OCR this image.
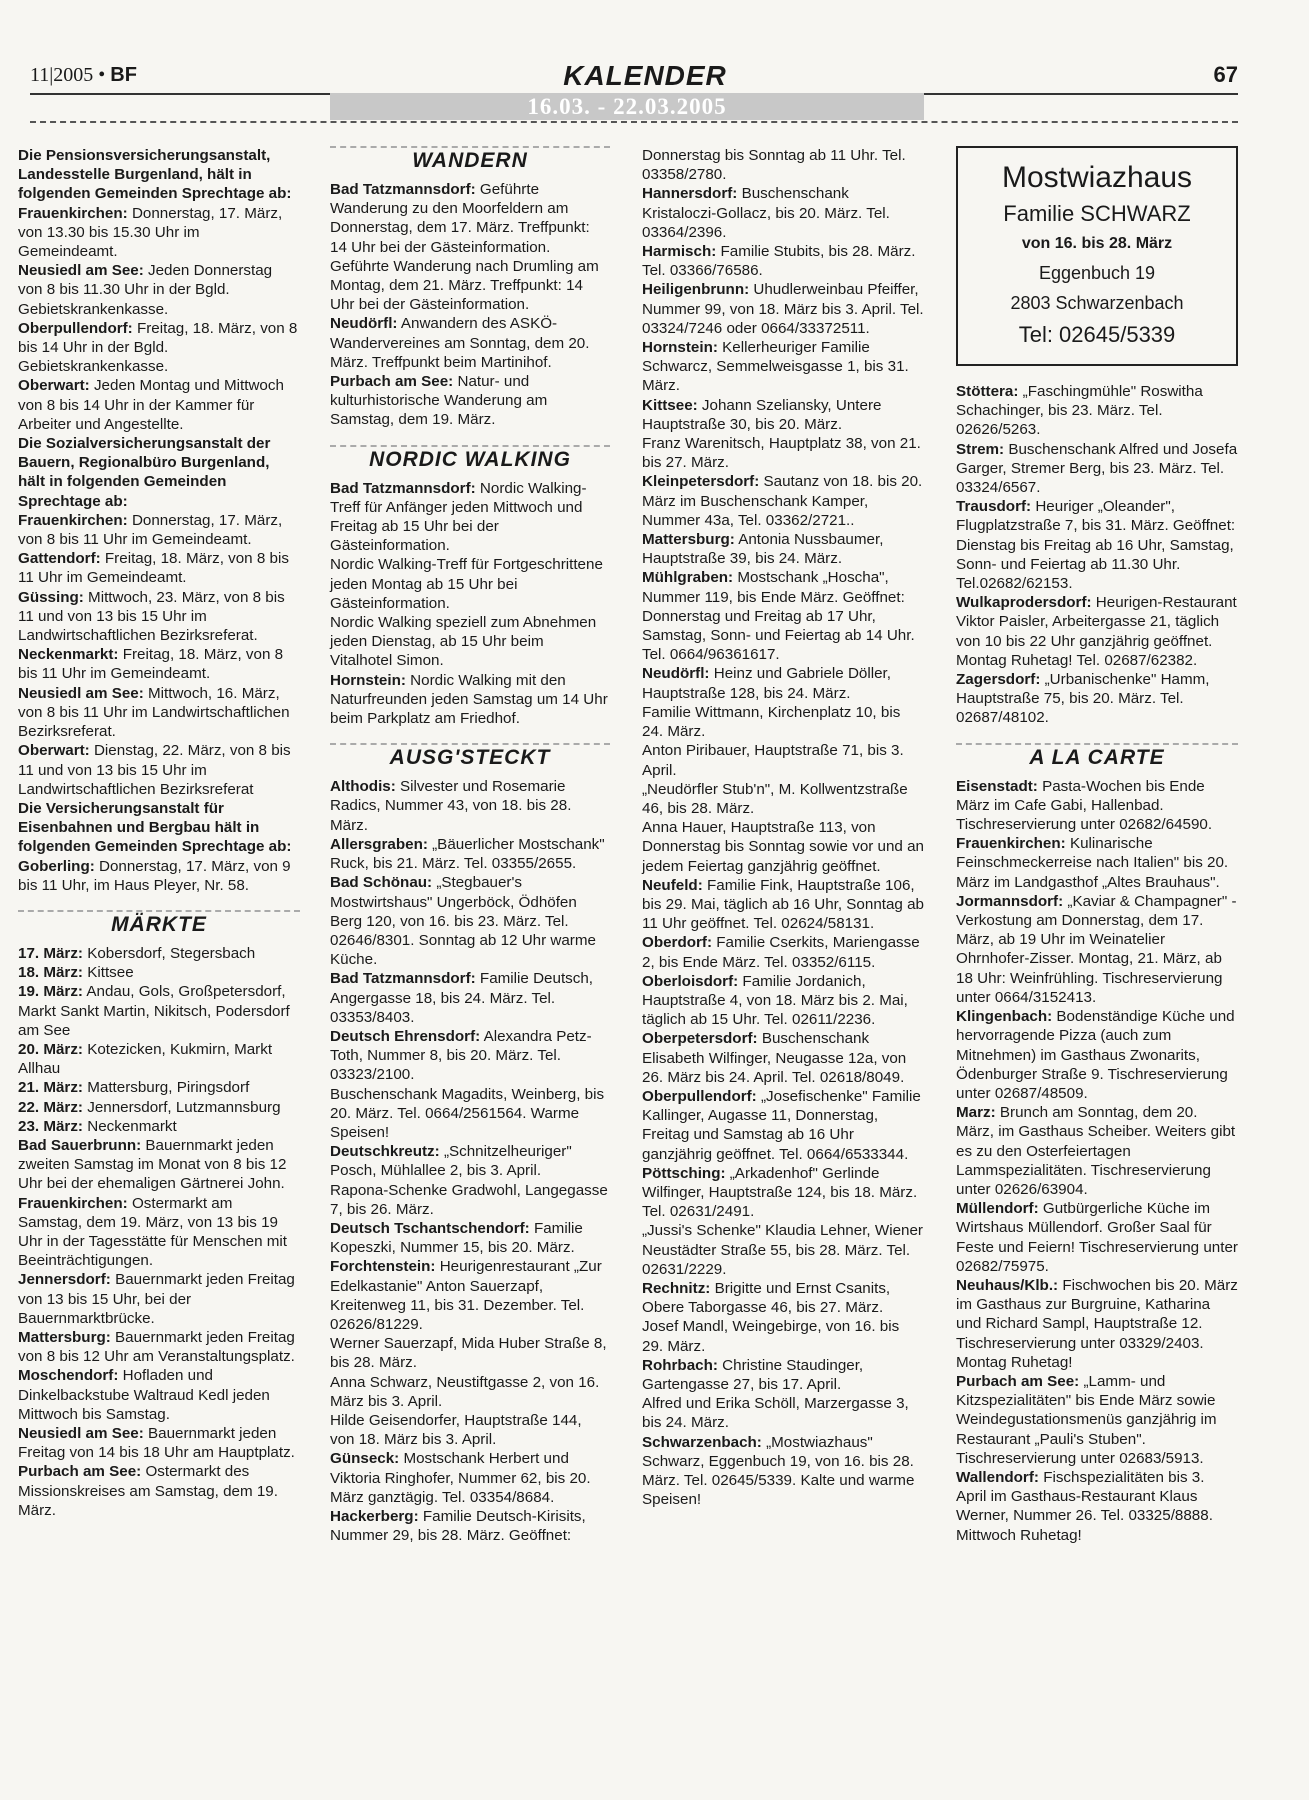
11|2005 • BF	KALENDER	67
16.03. - 22.03.2005

Die Pensionsversicherungsanstalt, Landesstelle Burgenland, hält in folgenden Gemeinden Sprechtage ab:

Frauenkirchen: Donnerstag, 17. März, von 13.30 bis 15.30 Uhr im Gemeindeamt.

Neusiedl am See: Jeden Donnerstag von 8 bis 11.30 Uhr in der Bgld. Gebietskrankenkasse.

Oberpullendorf: Freitag, 18. März, von 8 bis 14 Uhr in der Bgld. Gebietskrankenkasse.

Oberwart: Jeden Montag und Mittwoch von 8 bis 14 Uhr in der Kammer für Arbeiter und Angestellte.

Die Sozialversicherungsanstalt der Bauern, Regionalbüro Burgenland, hält in folgenden Gemeinden Sprechtage ab:

Frauenkirchen: Donnerstag, 17. März, von 8 bis 11 Uhr im Gemeindeamt.

Gattendorf: Freitag, 18. März, von 8 bis 11 Uhr im Gemeindeamt.

Güssing: Mittwoch, 23. März, von 8 bis 11 und von 13 bis 15 Uhr im Landwirtschaftlichen Bezirksreferat.

Neckenmarkt: Freitag, 18. März, von 8 bis 11 Uhr im Gemeindeamt.

Neusiedl am See: Mittwoch, 16. März, von 8 bis 11 Uhr im Landwirtschaftlichen Bezirksreferat.

Oberwart: Dienstag, 22. März, von 8 bis 11 und von 13 bis 15 Uhr im Landwirtschaftlichen Bezirksreferat

Die Versicherungsanstalt für Eisenbahnen und Bergbau hält in folgenden Gemeinden Sprechtage ab:

Goberling: Donnerstag, 17. März, von 9 bis 11 Uhr, im Haus Pleyer, Nr. 58.

MÄRKTE

17. März: Kobersdorf, Stegersbach

18. März: Kittsee

19. März: Andau, Gols, Großpetersdorf, Markt Sankt Martin, Nikitsch, Podersdorf am See

20. März: Kotezicken, Kukmirn, Markt Allhau

21. März: Mattersburg, Piringsdorf

22. März: Jennersdorf, Lutzmannsburg

23. März: Neckenmarkt

Bad Sauerbrunn: Bauernmarkt jeden zweiten Samstag im Monat von 8 bis 12 Uhr bei der ehemaligen Gärtnerei John.

Frauenkirchen: Ostermarkt am Samstag, dem 19. März, von 13 bis 19 Uhr in der Tagesstätte für Menschen mit Beeinträchtigungen.

Jennersdorf: Bauernmarkt jeden Freitag von 13 bis 15 Uhr, bei der Bauernmarktbrücke.

Mattersburg: Bauernmarkt jeden Freitag von 8 bis 12 Uhr am Veranstaltungsplatz.

Moschendorf: Hofladen und Dinkelbackstube Waltraud Kedl jeden Mittwoch bis Samstag.

Neusiedl am See: Bauernmarkt jeden Freitag von 14 bis 18 Uhr am Hauptplatz.

Purbach am See: Ostermarkt des Missionskreises am Samstag, dem 19. März.

WANDERN

Bad Tatzmannsdorf: Geführte Wanderung zu den Moorfeldern am Donnerstag, dem 17. März. Treffpunkt: 14 Uhr bei der Gästeinformation.

Geführte Wanderung nach Drumling am Montag, dem 21. März. Treffpunkt: 14 Uhr bei der Gästeinformation.

Neudörfl: Anwandern des ASKÖ-Wandervereines am Sonntag, dem 20. März. Treffpunkt beim Martinihof.

Purbach am See: Natur- und kulturhistorische Wanderung am Samstag, dem 19. März.

NORDIC WALKING

Bad Tatzmannsdorf: Nordic Walking-Treff für Anfänger jeden Mittwoch und Freitag ab 15 Uhr bei der Gästeinformation.

Nordic Walking-Treff für Fortgeschrittene jeden Montag ab 15 Uhr bei Gästeinformation.

Nordic Walking speziell zum Abnehmen jeden Dienstag, ab 15 Uhr beim Vitalhotel Simon.

Hornstein: Nordic Walking mit den Naturfreunden jeden Samstag um 14 Uhr beim Parkplatz am Friedhof.

AUSG'STECKT

Althodis: Silvester und Rosemarie Radics, Nummer 43, von 18. bis 28. März.

Allersgraben: „Bäuerlicher Mostschank" Ruck, bis 21. März. Tel. 03355/2655.

Bad Schönau: „Stegbauer's Mostwirtshaus" Ungerböck, Ödhöfen Berg 120, von 16. bis 23. März. Tel. 02646/8301. Sonntag ab 12 Uhr warme Küche.

Bad Tatzmannsdorf: Familie Deutsch, Angergasse 18, bis 24. März. Tel. 03353/8403.

Deutsch Ehrensdorf: Alexandra Petz-Toth, Nummer 8, bis 20. März. Tel. 03323/2100.

Buschenschank Magadits, Weinberg, bis 20. März. Tel. 0664/2561564. Warme Speisen!

Deutschkreutz: „Schnitzelheuriger" Posch, Mühlallee 2, bis 3. April.

Rapona-Schenke Gradwohl, Langegasse 7, bis 26. März.

Deutsch Tschantschendorf: Familie Kopeszki, Nummer 15, bis 20. März.

Forchtenstein: Heurigenrestaurant „Zur Edelkastanie" Anton Sauerzapf, Kreitenweg 11, bis 31. Dezember. Tel. 02626/81229.

Werner Sauerzapf, Mida Huber Straße 8, bis 28. März.

Anna Schwarz, Neustiftgasse 2, von 16. März bis 3. April.

Hilde Geisendorfer, Hauptstraße 144, von 18. März bis 3. April.

Günseck: Mostschank Herbert und Viktoria Ringhofer, Nummer 62, bis 20. März ganztägig. Tel. 03354/8684.

Hackerberg: Familie Deutsch-Kirisits, Nummer 29, bis 28. März. Geöffnet:

Donnerstag bis Sonntag ab 11 Uhr. Tel. 03358/2780.

Hannersdorf: Buschenschank Kristaloczi-Gollacz, bis 20. März. Tel. 03364/2396.

Harmisch: Familie Stubits, bis 28. März. Tel. 03366/76586.

Heiligenbrunn: Uhudlerweinbau Pfeiffer, Nummer 99, von 18. März bis 3. April. Tel. 03324/7246 oder 0664/33372511.

Hornstein: Kellerheuriger Familie Schwarcz, Semmelweisgasse 1, bis 31. März.

Kittsee: Johann Szeliansky, Untere Hauptstraße 30, bis 20. März.

Franz Warenitsch, Hauptplatz 38, von 21. bis 27. März.

Kleinpetersdorf: Sautanz von 18. bis 20. März im Buschenschank Kamper, Nummer 43a, Tel. 03362/2721..

Mattersburg: Antonia Nussbaumer, Hauptstraße 39, bis 24. März.

Mühlgraben: Mostschank „Hoscha", Nummer 119, bis Ende März. Geöffnet: Donnerstag und Freitag ab 17 Uhr, Samstag, Sonn- und Feiertag ab 14 Uhr. Tel. 0664/96361617.

Neudörfl: Heinz und Gabriele Döller, Hauptstraße 128, bis 24. März.

Familie Wittmann, Kirchenplatz 10, bis 24. März.

Anton Piribauer, Hauptstraße 71, bis 3. April.

„Neudörfler Stub'n", M. Kollwentzstraße 46, bis 28. März.

Anna Hauer, Hauptstraße 113, von Donnerstag bis Sonntag sowie vor und an jedem Feiertag ganzjährig geöffnet.

Neufeld: Familie Fink, Hauptstraße 106, bis 29. Mai, täglich ab 16 Uhr, Sonntag ab 11 Uhr geöffnet. Tel. 02624/58131.

Oberdorf: Familie Cserkits, Mariengasse 2, bis Ende März. Tel. 03352/6115.

Oberloisdorf: Familie Jordanich, Hauptstraße 4, von 18. März bis 2. Mai, täglich ab 15 Uhr. Tel. 02611/2236.

Oberpetersdorf: Buschenschank Elisabeth Wilfinger, Neugasse 12a, von 26. März bis 24. April. Tel. 02618/8049.

Oberpullendorf: „Josefischenke" Familie Kallinger, Augasse 11, Donnerstag, Freitag und Samstag ab 16 Uhr ganzjährig geöffnet. Tel. 0664/6533344.

Pöttsching: „Arkadenhof" Gerlinde Wilfinger, Hauptstraße 124, bis 18. März. Tel. 02631/2491.

„Jussi's Schenke" Klaudia Lehner, Wiener Neustädter Straße 55, bis 28. März. Tel. 02631/2229.

Rechnitz: Brigitte und Ernst Csanits, Obere Taborgasse 46, bis 27. März.

Josef Mandl, Weingebirge, von 16. bis 29. März.

Rohrbach: Christine Staudinger, Gartengasse 27, bis 17. April.

Alfred und Erika Schöll, Marzergasse 3, bis 24. März.

Schwarzenbach: „Mostwiazhaus" Schwarz, Eggenbuch 19, von 16. bis 28. März. Tel. 02645/5339. Kalte und warme Speisen!

Mostwiazhaus
Familie SCHWARZ
von 16. bis 28. März
Eggenbuch 19
2803 Schwarzenbach
Tel: 02645/5339

Stöttera: „Faschingmühle" Roswitha Schachinger, bis 23. März. Tel. 02626/5263.

Strem: Buschenschank Alfred und Josefa Garger, Stremer Berg, bis 23. März. Tel. 03324/6567.

Trausdorf: Heuriger „Oleander", Flugplatzstraße 7, bis 31. März. Geöffnet: Dienstag bis Freitag ab 16 Uhr, Samstag, Sonn- und Feiertag ab 11.30 Uhr. Tel.02682/62153.

Wulkaprodersdorf: Heurigen-Restaurant Viktor Paisler, Arbeitergasse 21, täglich von 10 bis 22 Uhr ganzjährig geöffnet. Montag Ruhetag! Tel. 02687/62382.

Zagersdorf: „Urbanischenke" Hamm, Hauptstraße 75, bis 20. März. Tel. 02687/48102.

A LA CARTE

Eisenstadt: Pasta-Wochen bis Ende März im Cafe Gabi, Hallenbad. Tischreservierung unter 02682/64590.

Frauenkirchen: Kulinarische Feinschmeckerreise nach Italien" bis 20. März im Landgasthof „Altes Brauhaus".

Jormannsdorf: „Kaviar & Champagner" - Verkostung am Donnerstag, dem 17. März, ab 19 Uhr im Weinatelier Ohrnhofer-Zisser. Montag, 21. März, ab 18 Uhr: Weinfrühling. Tischreservierung unter 0664/3152413.

Klingenbach: Bodenständige Küche und hervorragende Pizza (auch zum Mitnehmen) im Gasthaus Zwonarits, Ödenburger Straße 9. Tischreservierung unter 02687/48509.

Marz: Brunch am Sonntag, dem 20. März, im Gasthaus Scheiber. Weiters gibt es zu den Osterfeiertagen Lammspezialitäten. Tischreservierung unter 02626/63904.

Müllendorf: Gutbürgerliche Küche im Wirtshaus Müllendorf. Großer Saal für Feste und Feiern! Tischreservierung unter 02682/75975.

Neuhaus/Klb.: Fischwochen bis 20. März im Gasthaus zur Burgruine, Katharina und Richard Sampl, Hauptstraße 12. Tischreservierung unter 03329/2403. Montag Ruhetag!

Purbach am See: „Lamm- und Kitzspezialitäten" bis Ende März sowie Weindegustationsmenüs ganzjährig im Restaurant „Pauli's Stuben". Tischreservierung unter 02683/5913.

Wallendorf: Fischspezialitäten bis 3. April im Gasthaus-Restaurant Klaus Werner, Nummer 26. Tel. 03325/8888. Mittwoch Ruhetag!
